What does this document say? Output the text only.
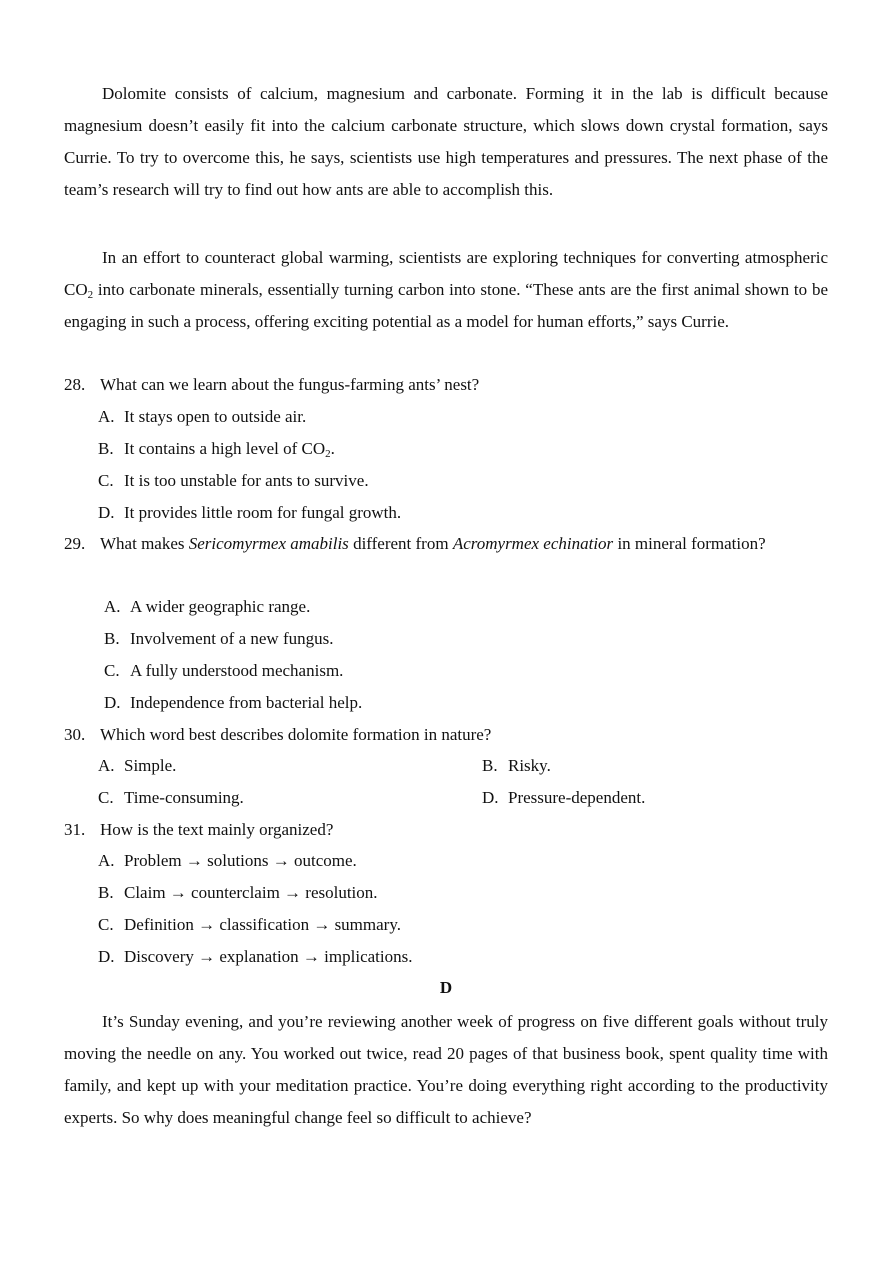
Dolomite consists of calcium, magnesium and carbonate. Forming it in the lab is difficult because magnesium doesn’t easily fit into the calcium carbonate structure, which slows down crystal formation, says Currie. To try to overcome this, he says, scientists use high temperatures and pressures. The next phase of the team’s research will try to find out how ants are able to accomplish this.

In an effort to counteract global warming, scientists are exploring techniques for converting atmospheric $CO_2$ into carbonate minerals, essentially turning carbon into stone. “These ants are the first animal shown to be engaging in such a process, offering exciting potential as a model for human efforts,” says Currie.

28. What can we learn about the fungus-farming ants’ nest?

A. It stays open to outside air.
B. It contains a high level of $CO_2$.
C. It is too unstable for ants to survive.
D. It provides little room for fungal growth.

29. What makes Sericomyrmex amabilis different from Acromyrmex echinatior in mineral formation?

A. A wider geographic range.
B. Involvement of a new fungus.
C. A fully understood mechanism.
D. Independence from bacterial help.

30. Which word best describes dolomite formation in nature?

A. Simple.	B. Risky.
C. Time-consuming.	D. Pressure-dependent.

31. How is the text mainly organized?

A. Problem → solutions → outcome.
B. Claim → counterclaim → resolution.
C. Definition → classification → summary.
D. Discovery → explanation → implications.
D

It’s Sunday evening, and you’re reviewing another week of progress on five different goals without truly moving the needle on any. You worked out twice, read 20 pages of that business book, spent quality time with family, and kept up with your meditation practice. You’re doing everything right according to the productivity experts. So why does meaningful change feel so difficult to achieve?
